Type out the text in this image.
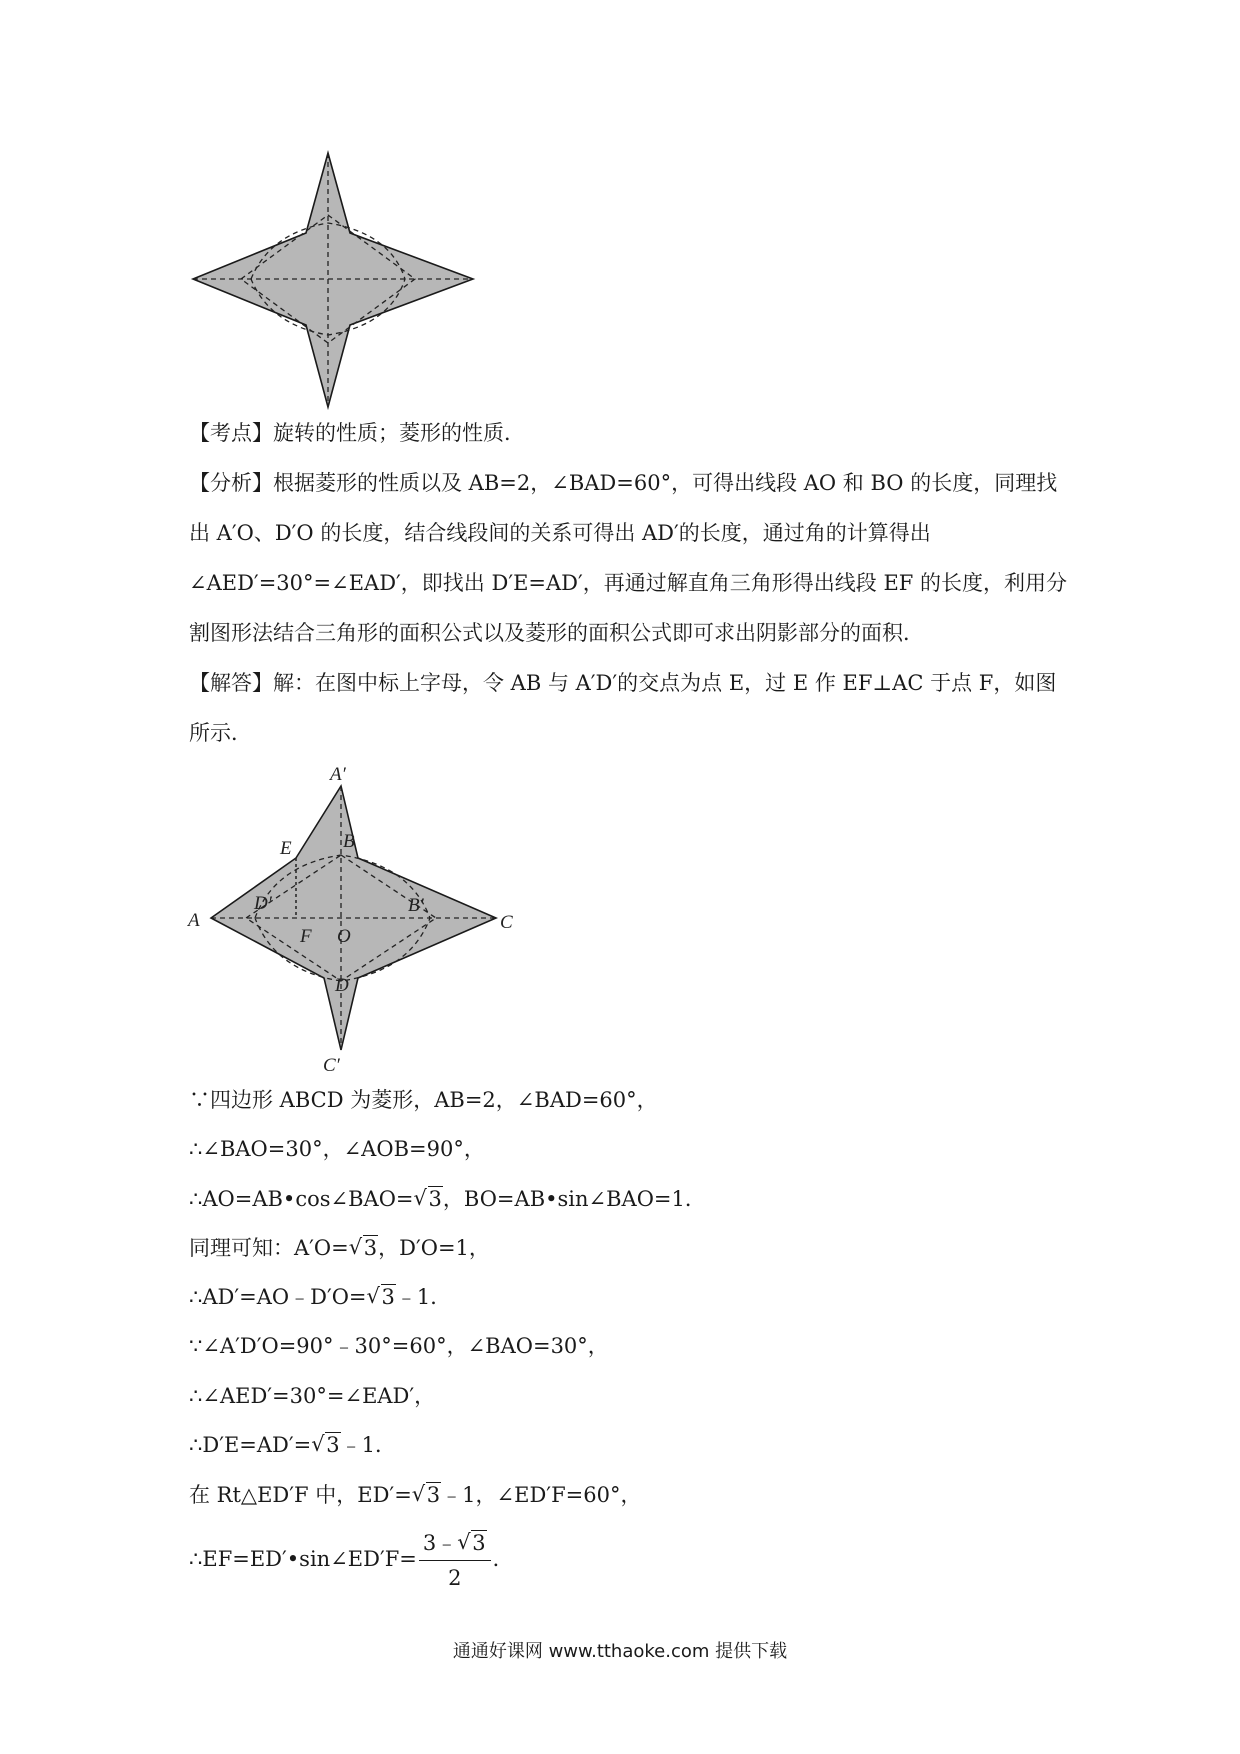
【考点】旋转的性质；菱形的性质．
【分析】根据菱形的性质以及 AB=2，∠BAD=60°，可得出线段 AO 和 BO 的长度，同理找
出 A′O、D′O 的长度，结合线段间的关系可得出 AD′的长度，通过角的计算得出
∠AED′=30°=∠EAD′，即找出 D′E=AD′，再通过解直角三角形得出线段 EF 的长度，利用分
割图形法结合三角形的面积公式以及菱形的面积公式即可求出阴影部分的面积．
【解答】解：在图中标上字母，令 AB 与 A′D′的交点为点 E，过 E 作 EF⊥AC 于点 F，如图
所示．
A′
B
E
D′
A
F O
B′
C
D
C′
∵四边形 ABCD 为菱形，AB=2，∠BAD=60°，
∴∠BAO=30°，∠AOB=90°，
∴AO=AB•cos∠BAO= √ 3，BO=AB•sin∠BAO=1．
同理可知：A′O= √ 3，D′O=1，
∴AD′=AO﹣D′O= √ 3﹣1．
∵∠A′D′O=90°﹣30°=60°，∠BAO=30°，
∴∠AED′=30°=∠EAD′，
∴D′E=AD′= √ 3﹣1．
在 Rt△ED′F 中，ED′= √ 3﹣1，∠ED′F=60°，
∴EF=ED′•sin∠ED′F= $\frac{3﹣ √ 3}{2}$ ．
通通好课网 www.tthaoke.com 提供下载
